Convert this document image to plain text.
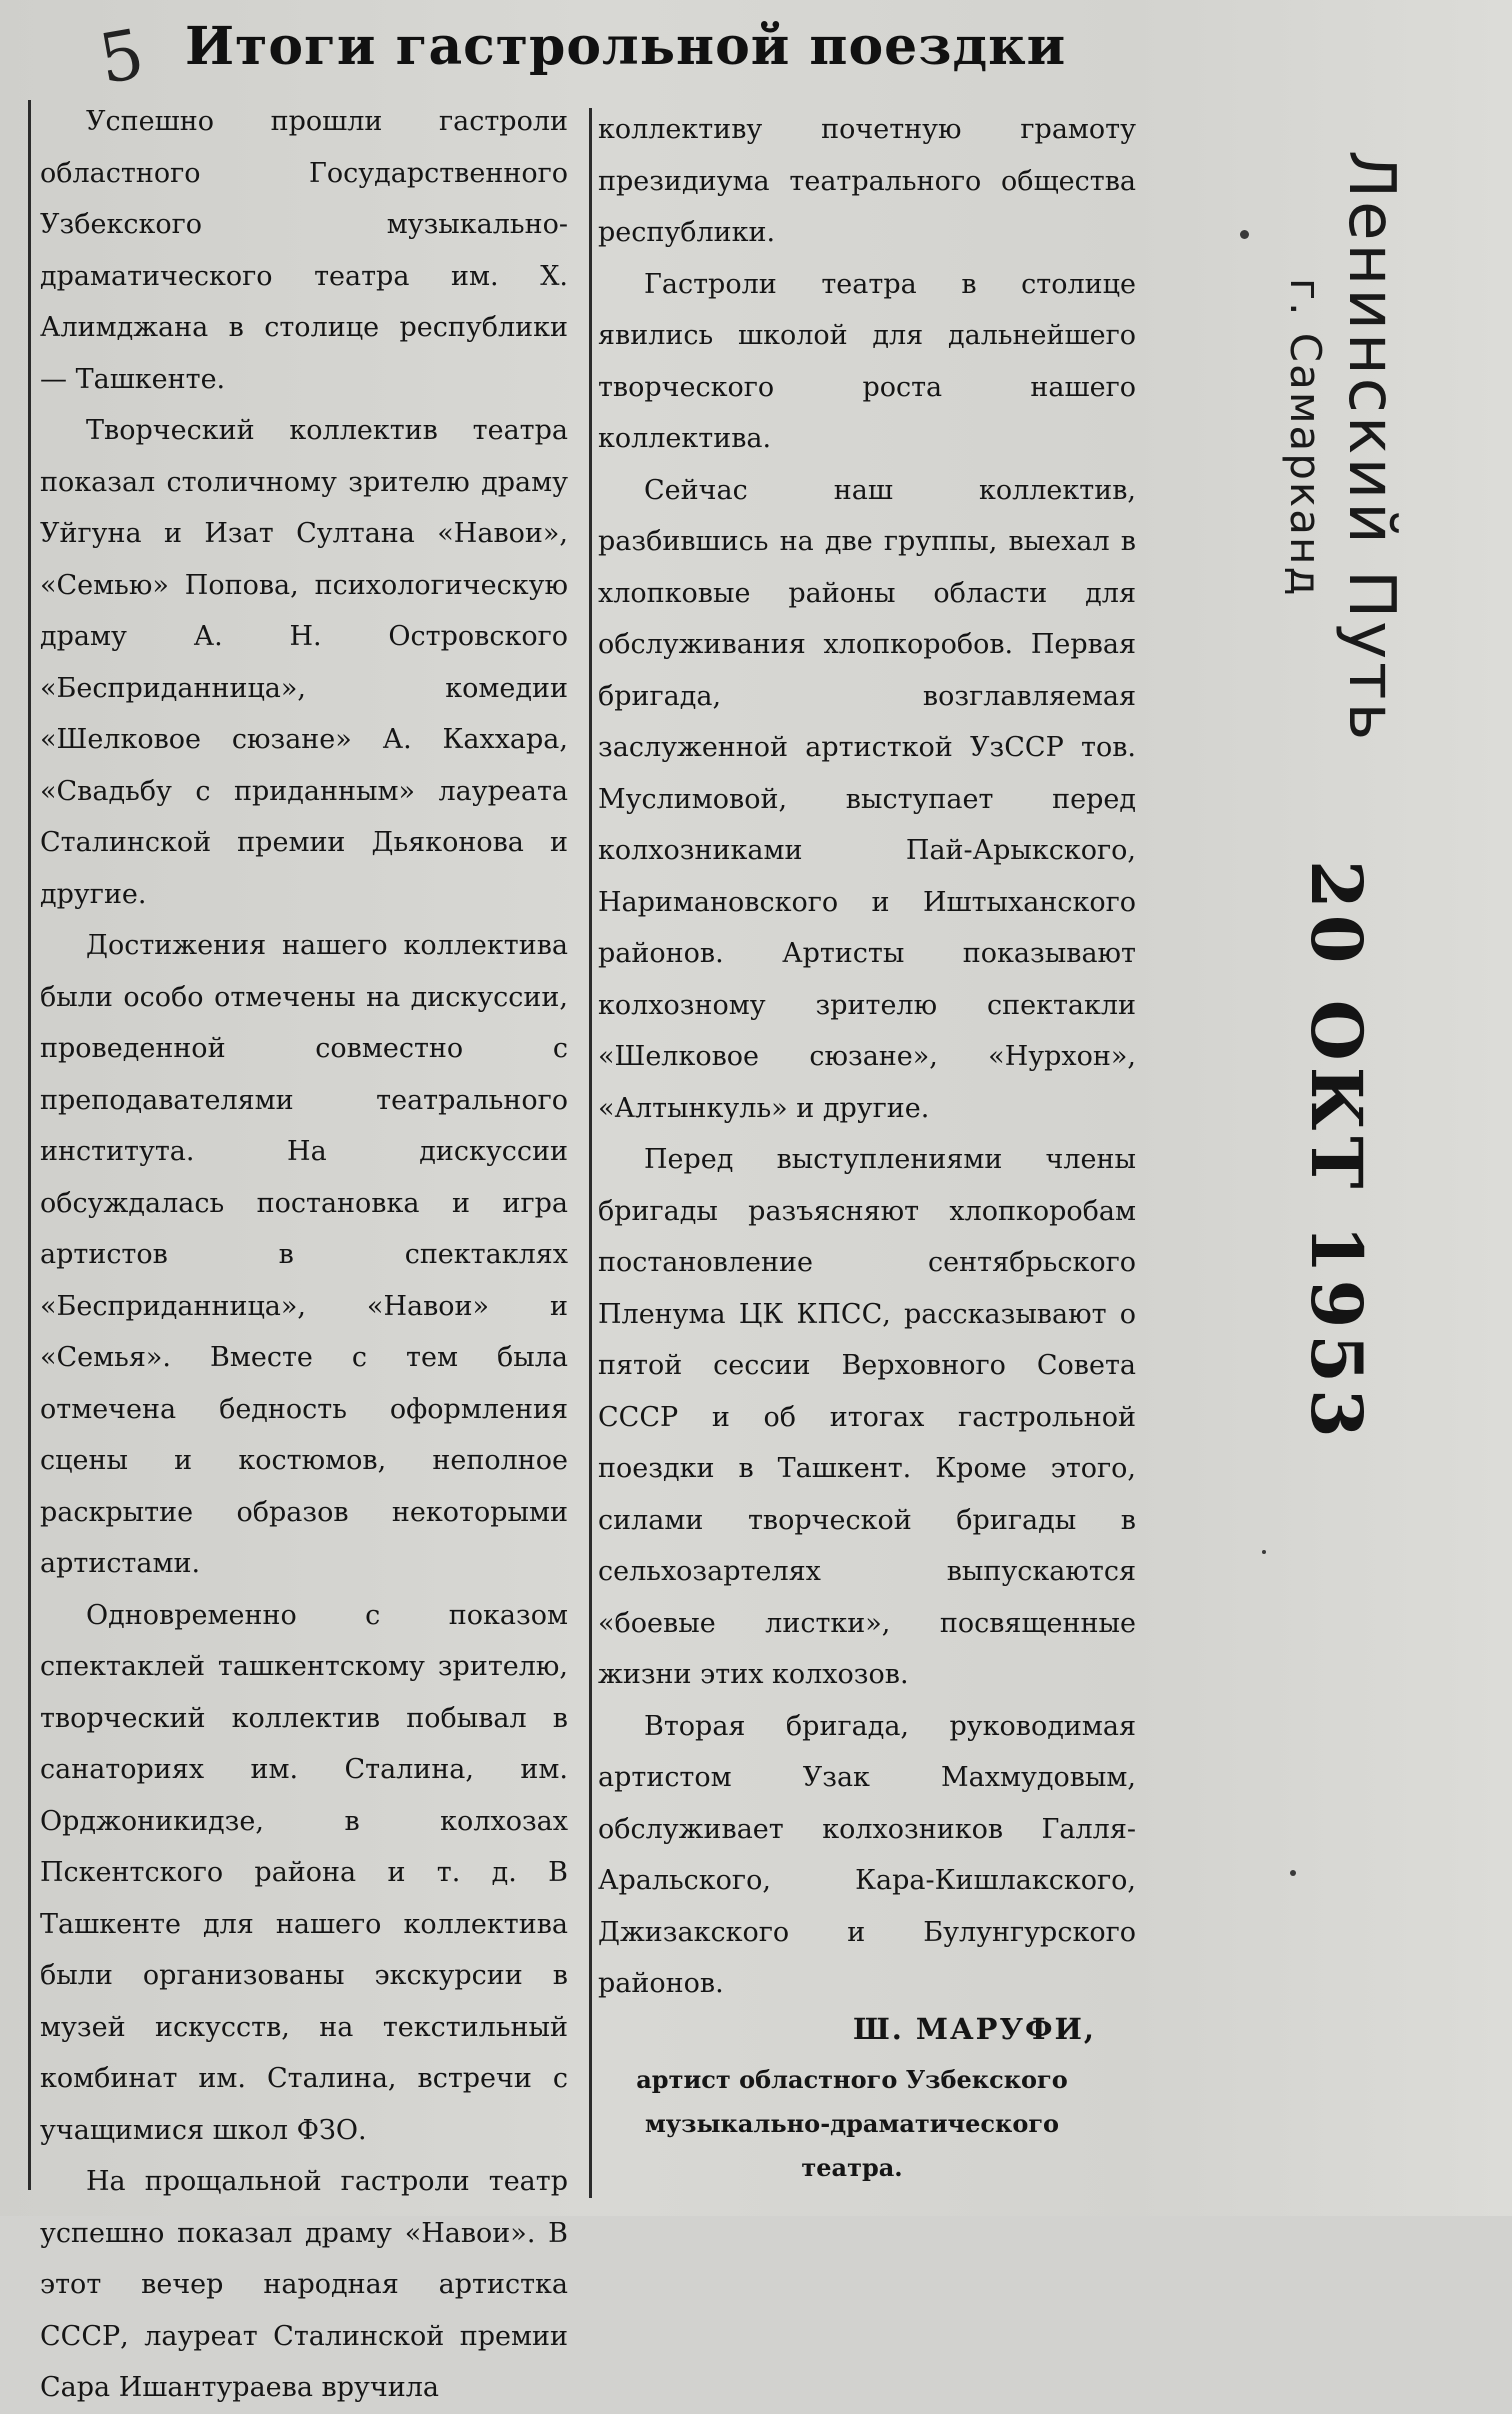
5 Итоги гастрольной поездки

Успешно прошли гастроли областного Государственного Узбекского музыкально-драматического театра им. Х. Алимджана в столице республики — Ташкенте.

Творческий коллектив театра показал столичному зрителю драму Уйгуна и Изат Султана «Навои», «Семью» Попова, психологическую драму А. Н. Островского «Бесприданница», комедии «Шелковое сюзане» А. Каххара, «Свадьбу с приданным» лауреата Сталинской премии Дьяконова и другие.

Достижения нашего коллектива были особо отмечены на дискуссии, проведенной совместно с преподавателями театрального института. На дискуссии обсуждалась постановка и игра артистов в спектаклях «Бесприданница», «Навои» и «Семья». Вместе с тем была отмечена бедность оформления сцены и костюмов, неполное раскрытие образов некоторыми артистами.

Одновременно с показом спектаклей ташкентскому зрителю, творческий коллектив побывал в санаториях им. Сталина, им. Орджоникидзе, в колхозах Пскентского района и т. д. В Ташкенте для нашего коллектива были организованы экскурсии в музей искусств, на текстильный комбинат им. Сталина, встречи с учащимися школ ФЗО.

На прощальной гастроли театр успешно показал драму «Навои». В этот вечер народная артистка СССР, лауреат Сталинской премии Сара Ишантураева вручила

коллективу почетную грамоту президиума театрального общества республики.

Гастроли театра в столице явились школой для дальнейшего творческого роста нашего коллектива.

Сейчас наш коллектив, разбившись на две группы, выехал в хлопковые районы области для обслуживания хлопкоробов. Первая бригада, возглавляемая заслуженной артисткой УзССР тов. Муслимовой, выступает перед колхозниками Пай-Арыкского, Наримановского и Иштыханского районов. Артисты показывают колхозному зрителю спектакли «Шелковое сюзане», «Нурхон», «Алтынкуль» и другие.

Перед выступлениями члены бригады разъясняют хлопкоробам постановление сентябрьского Пленума ЦК КПСС, рассказывают о пятой сессии Верховного Совета СССР и об итогах гастрольной поездки в Ташкент. Кроме этого, силами творческой бригады в сельхозартелях выпускаются «боевые листки», посвященные жизни этих колхозов.

Вторая бригада, руководимая артистом Узак Махмудовым, обслуживает колхозников Галля-Аральского, Кара-Кишлакского, Джизакского и Булунгурского районов.

Ш. МАРУФИ,
артист областного Узбекского музыкально-драматического театра.
Ленинский Путь
г. Самарканд
20 ОКТ 1953
